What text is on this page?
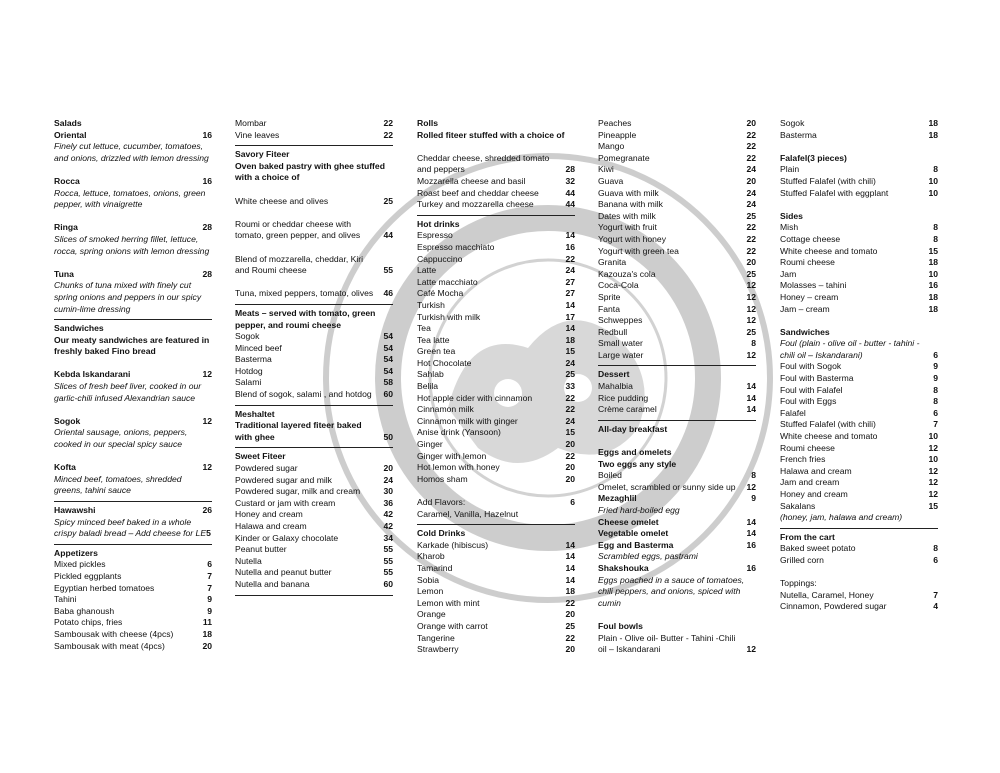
Salads
Oriental	16
Finely cut lettuce, cucumber, tomatoes, and onions, drizzled with lemon dressing
Rocca	16
Rocca, lettuce, tomatoes, onions, green pepper, with vinaigrette
Ringa	28
Slices of smoked herring fillet, lettuce, rocca, spring onions with lemon dressing
Tuna	28
Chunks of tuna mixed with finely cut spring onions and peppers in our spicy cumin-lime dressing
Sandwiches
Our meaty sandwiches are featured in freshly baked Fino bread
Kebda Iskandarani	12
Slices of fresh beef liver, cooked in our garlic-chili infused Alexandrian sauce
Sogok	12
Oriental sausage, onions, peppers, cooked in our special spicy sauce
Kofta	12
Minced beef, tomatoes, shredded greens, tahini sauce
Hawawshi	26
Spicy minced beef baked in a whole crispy baladi bread – Add cheese for LE5
Appetizers
Mixed pickles	6
Pickled eggplants	7
Egyptian herbed tomatoes	7
Tahini	9
Baba ghanoush	9
Potato chips, fries	11
Sambousak with cheese (4pcs)	18
Sambousak with meat (4pcs)	20
Mombar	22
Vine leaves	22
Savory Fiteer
Oven baked pastry with ghee stuffed with a choice of
White cheese and olives	25
Roumi or cheddar cheese with tomato, green pepper, and olives	44
Blend of mozzarella, cheddar, Kiri and Roumi cheese	55
Tuna, mixed peppers, tomato, olives	46
Meats – served with tomato, green pepper, and roumi cheese
Sogok	54
Minced beef	54
Basterma	54
Hotdog	54
Salami	58
Blend of sogok, salami , and hotdog	60
Meshaltet
Traditional layered fiteer baked with ghee	50
Sweet Fiteer
Powdered sugar	20
Powdered sugar and milk	24
Powdered sugar, milk and cream	30
Custard or jam with cream	36
Honey and cream	42
Halawa and cream	42
Kinder or Galaxy chocolate	34
Peanut butter	55
Nutella	55
Nutella and peanut butter	55
Nutella and banana	60
Rolls
Rolled fiteer stuffed with a choice of
Cheddar cheese, shredded tomato and peppers	28
Mozzarella cheese and basil	32
Roast beef and cheddar cheese	44
Turkey and mozzarella cheese	44
Hot drinks
Espresso	14
Espresso macchiato	16
Cappuccino	22
Latte	24
Latte macchiato	27
Café Mocha	27
Turkish	14
Turkish with milk	17
Tea	14
Tea latte	18
Green tea	15
Hot Chocolate	24
Sahlab	25
Belila	33
Hot apple cider with cinnamon	22
Cinnamon milk	22
Cinnamon milk with ginger	24
Anise drink (Yansoon)	15
Ginger	20
Ginger with lemon	22
Hot lemon with honey	20
Homos sham	20
Add Flavors:	6
Caramel, Vanilla, Hazelnut
Cold Drinks
Karkade (hibiscus)	14
Kharob	14
Tamarind	14
Sobia	14
Lemon	18
Lemon with mint	22
Orange	20
Orange with carrot	25
Tangerine	22
Strawberry	20
Peaches	20
Pineapple	22
Mango	22
Pomegranate	22
Kiwi	24
Guava	20
Guava with milk	24
Banana with milk	24
Dates with milk	25
Yogurt with fruit	22
Yogurt with honey	22
Yogurt with green tea	22
Granita	20
Kazouza's cola	25
Coca-Cola	12
Sprite	12
Fanta	12
Schweppes	12
Redbull	25
Small water	8
Large water	12
Dessert
Mahalbia	14
Rice pudding	14
Crème caramel	14
All-day breakfast
Eggs and omelets
Two eggs any style
Boiled	8
Omelet, scrambled or sunny side up	12
Mezaghlil	9
Fried hard-boiled egg
Cheese omelet	14
Vegetable omelet	14
Egg and Basterma	16
Scrambled eggs, pastrami
Shakshouka	16
Eggs poached in a sauce of tomatoes, chili peppers, and onions, spiced with cumin
Foul bowls
Plain - Olive oil- Butter - Tahini -Chili oil – Iskandarani	12
Sogok	18
Basterma	18
Falafel(3 pieces)
Plain	8
Stuffed Falafel (with chili)	10
Stuffed Falafel with eggplant	10
Sides
Mish	8
Cottage cheese	8
White cheese and tomato	15
Roumi cheese	18
Jam	10
Molasses – tahini	16
Honey – cream	18
Jam – cream	18
Sandwiches
Foul (plain - olive oil - butter - tahini -chili oil – Iskandarani)	6
Foul with Sogok	9
Foul with Basterma	9
Foul with Falafel	8
Foul with Eggs	8
Falafel	6
Stuffed Falafel (with chili)	7
White cheese and tomato	10
Roumi cheese	12
French fries	10
Halawa and cream	12
Jam and cream	12
Honey and cream	12
Sakalans	15
(honey, jam, halawa and cream)
From the cart
Baked sweet potato	8
Grilled corn	6
Toppings:
Nutella, Caramel, Honey	7
Cinnamon, Powdered sugar	4
